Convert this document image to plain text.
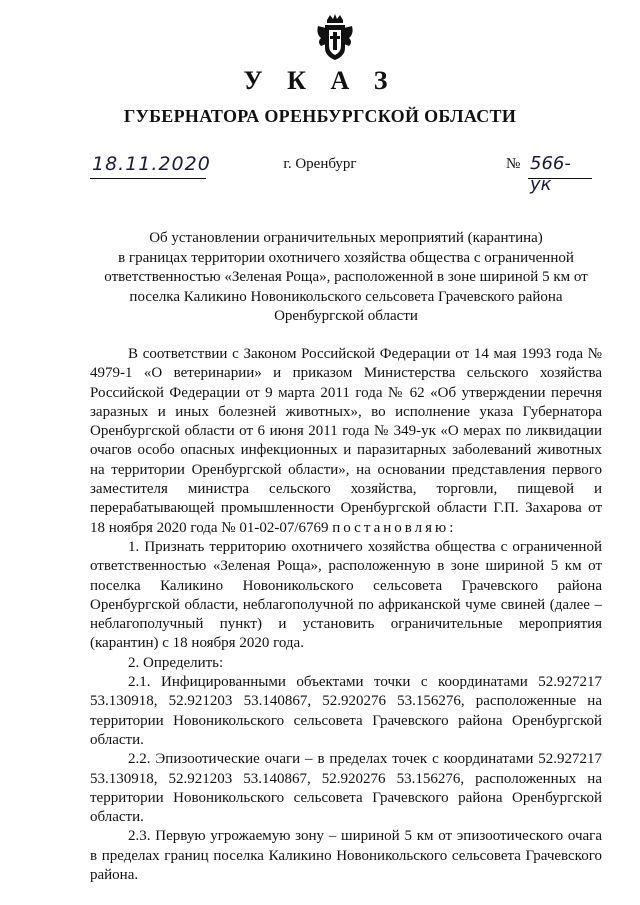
У К А З
ГУБЕРНАТОРА ОРЕНБУРГСКОЙ ОБЛАСТИ
18.11.2020	г. Оренбург	№ 566-ук
Об установлении ограничительных мероприятий (карантина)
в границах территории охотничего хозяйства общества с ограниченной
ответственностью «Зеленая Роща», расположенной в зоне шириной 5 км от
поселка Каликино Новоникольского сельсовета Грачевского района
Оренбургской области

В соответствии с Законом Российской Федерации от 14 мая 1993 года № 4979-1 «О ветеринарии» и приказом Министерства сельского хозяйства Российской Федерации от 9 марта 2011 года № 62 «Об утверждении перечня заразных и иных болезней животных», во исполнение указа Губернатора Оренбургской области от 6 июня 2011 года № 349-ук «О мерах по ликвидации очагов особо опасных инфекционных и паразитарных заболеваний животных на территории Оренбургской области», на основании представления первого заместителя министра сельского хозяйства, торговли, пищевой и перерабатывающей промышленности Оренбургской области Г.П. Захарова от 18 ноября 2020 года № 01-02-07/6769 постановляю:

1. Признать территорию охотничего хозяйства общества с ограниченной ответственностью «Зеленая Роща», расположенную в зоне шириной 5 км от поселка Каликино Новоникольского сельсовета Грачевского района Оренбургской области, неблагополучной по африканской чуме свиней (далее – неблагополучный пункт) и установить ограничительные мероприятия (карантин) с 18 ноября 2020 года.

2. Определить:

2.1. Инфицированными объектами точки с координатами 52.927217 53.130918, 52.921203 53.140867, 52.920276 53.156276, расположенные на территории Новоникольского сельсовета Грачевского района Оренбургской области.

2.2. Эпизоотические очаги – в пределах точек с координатами 52.927217 53.130918, 52.921203 53.140867, 52.920276 53.156276, расположенных на территории Новоникольского сельсовета Грачевского района Оренбургской области.

2.3. Первую угрожаемую зону – шириной 5 км от эпизоотического очага в пределах границ поселка Каликино Новоникольского сельсовета Грачевского района.
